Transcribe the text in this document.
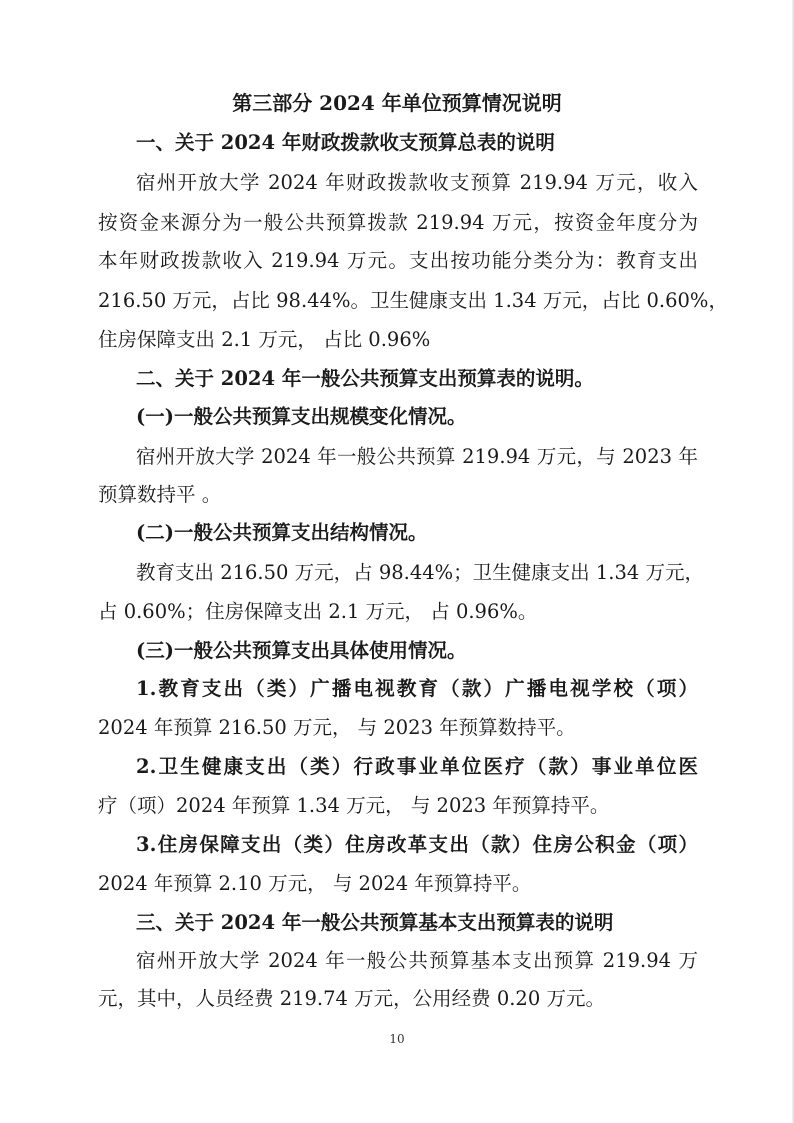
第三部分 2024 年单位预算情况说明
一、关于 2024 年财政拨款收支预算总表的说明
宿州开放大学 2024 年财政拨款收支预算 219.94 万元，收入
按资金来源分为一般公共预算拨款 219.94 万元，按资金年度分为
本年财政拨款收入 219.94 万元。支出按功能分类分为：教育支出
216.50 万元，占比 98.44%。卫生健康支出 1.34 万元，占比 0.60%，
住房保障支出 2.1 万元， 占比 0.96%
二、关于 2024 年一般公共预算支出预算表的说明。
(一)一般公共预算支出规模变化情况。
宿州开放大学 2024 年一般公共预算 219.94 万元，与 2023 年
预算数持平 。
(二)一般公共预算支出结构情况。
教育支出 216.50 万元，占 98.44%；卫生健康支出 1.34 万元，
占 0.60%；住房保障支出 2.1 万元， 占 0.96%。
(三)一般公共预算支出具体使用情况。
1.教育支出（类）广播电视教育（款）广播电视学校（项）
2024 年预算 216.50 万元， 与 2023 年预算数持平。
2.卫生健康支出（类）行政事业单位医疗（款）事业单位医
疗（项）2024 年预算 1.34 万元， 与 2023 年预算持平。
3.住房保障支出（类）住房改革支出（款）住房公积金（项）
2024 年预算 2.10 万元， 与 2024 年预算持平。
三、关于 2024 年一般公共预算基本支出预算表的说明
宿州开放大学 2024 年一般公共预算基本支出预算 219.94 万
元，其中，人员经费 219.74 万元，公用经费 0.20 万元。
10
